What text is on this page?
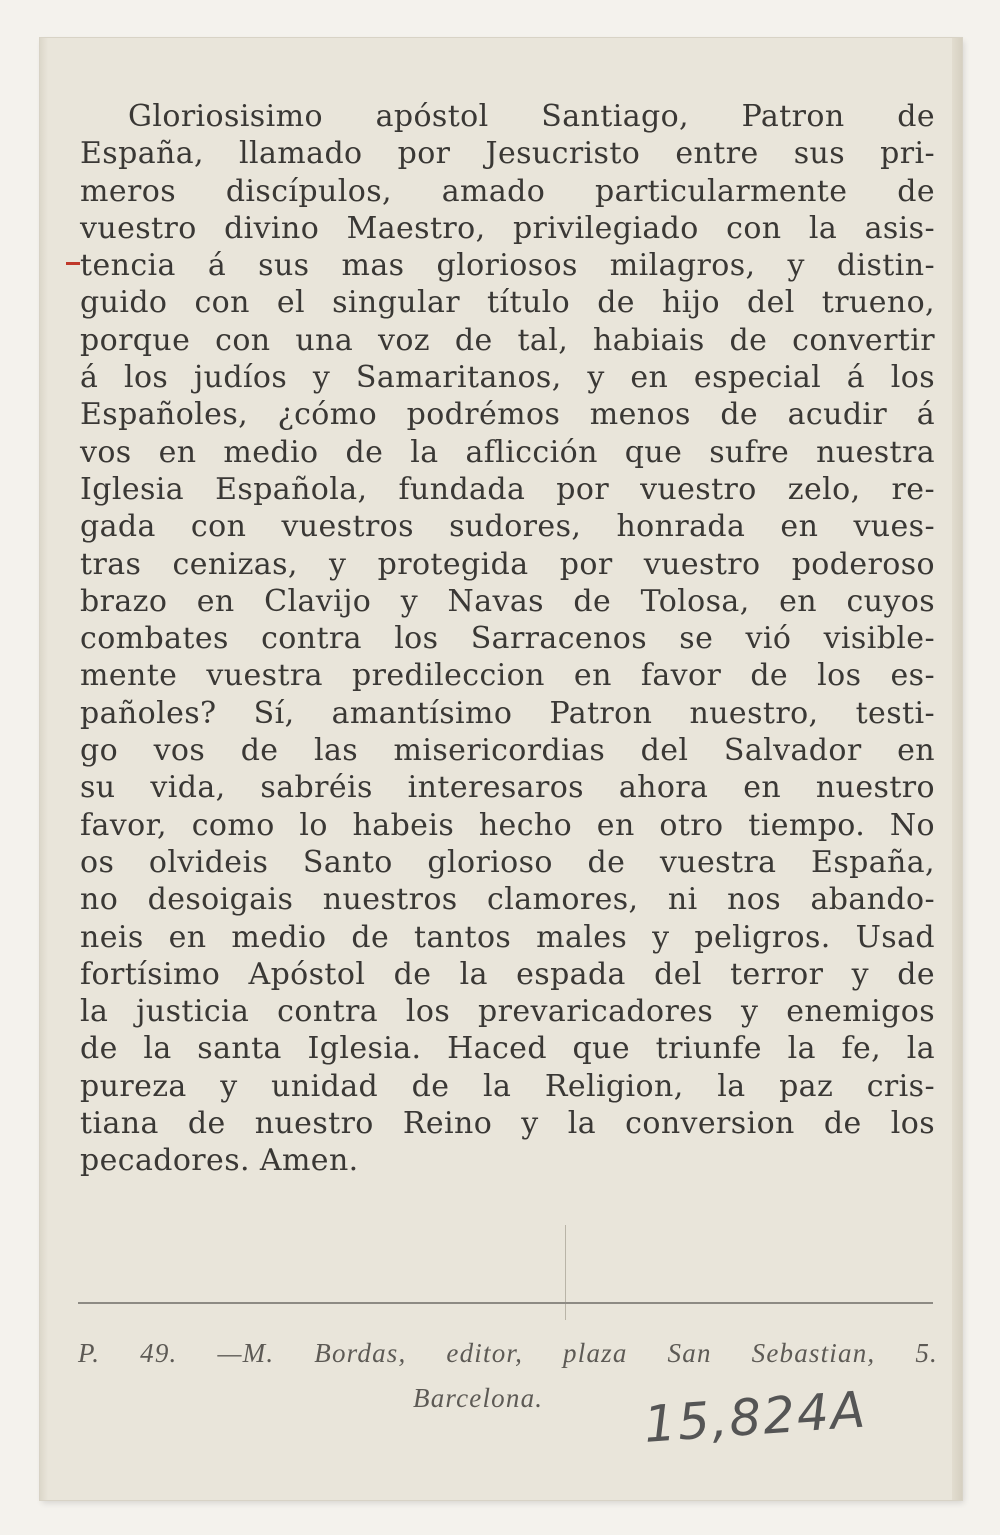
Gloriosisimo apóstol Santiago, Patron de
España, llamado por Jesucristo entre sus pri-
meros discípulos, amado particularmente de
vuestro divino Maestro, privilegiado con la asis-
tencia á sus mas gloriosos milagros, y distin-
guido con el singular título de hijo del trueno,
porque con una voz de tal, habiais de convertir
á los judíos y Samaritanos, y en especial á los
Españoles, ¿cómo podrémos menos de acudir á
vos en medio de la aflicción que sufre nuestra
Iglesia Española, fundada por vuestro zelo, re-
gada con vuestros sudores, honrada en vues-
tras cenizas, y protegida por vuestro poderoso
brazo en Clavijo y Navas de Tolosa, en cuyos
combates contra los Sarracenos se vió visible-
mente vuestra predileccion en favor de los es-
pañoles? Sí, amantísimo Patron nuestro, testi-
go vos de las misericordias del Salvador en
su vida, sabréis interesaros ahora en nuestro
favor, como lo habeis hecho en otro tiempo. No
os olvideis Santo glorioso de vuestra España,
no desoigais nuestros clamores, ni nos abando-
neis en medio de tantos males y peligros. Usad
fortísimo Apóstol de la espada del terror y de
la justicia contra los prevaricadores y enemigos
de la santa Iglesia. Haced que triunfe la fe, la
pureza y unidad de la Religion, la paz cris-
tiana de nuestro Reino y la conversion de los
pecadores. Amen.
P. 49. —M. Bordas, editor, plaza San Sebastian, 5.
Barcelona.	15,824A
